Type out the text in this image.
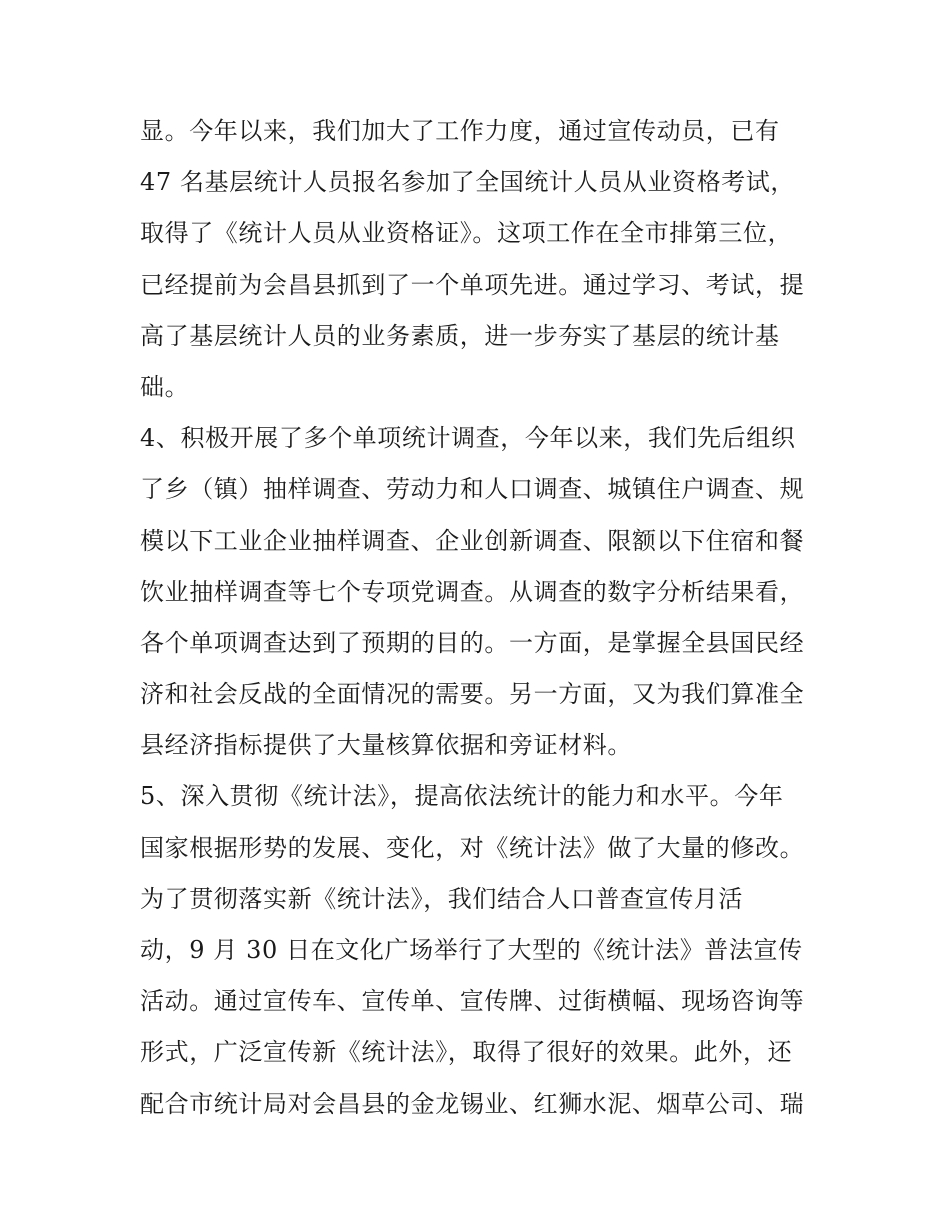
显。今年以来，我们加大了工作力度，通过宣传动员，已有
47 名基层统计人员报名参加了全国统计人员从业资格考试，
取得了《统计人员从业资格证》。这项工作在全市排第三位，
已经提前为会昌县抓到了一个单项先进。通过学习、考试，提
高了基层统计人员的业务素质，进一步夯实了基层的统计基
础。
4、积极开展了多个单项统计调查，今年以来，我们先后组织
了乡（镇）抽样调查、劳动力和人口调查、城镇住户调查、规
模以下工业企业抽样调查、企业创新调查、限额以下住宿和餐
饮业抽样调查等七个专项党调查。从调查的数字分析结果看，
各个单项调查达到了预期的目的。一方面，是掌握全县国民经
济和社会反战的全面情况的需要。另一方面，又为我们算准全
县经济指标提供了大量核算依据和旁证材料。
5、深入贯彻《统计法》，提高依法统计的能力和水平。今年
国家根据形势的发展、变化，对《统计法》做了大量的修改。
为了贯彻落实新《统计法》，我们结合人口普查宣传月活
动，9 月 30 日在文化广场举行了大型的《统计法》普法宣传
活动。通过宣传车、宣传单、宣传牌、过街横幅、现场咨询等
形式，广泛宣传新《统计法》，取得了很好的效果。此外，还
配合市统计局对会昌县的金龙锡业、红狮水泥、烟草公司、瑞
